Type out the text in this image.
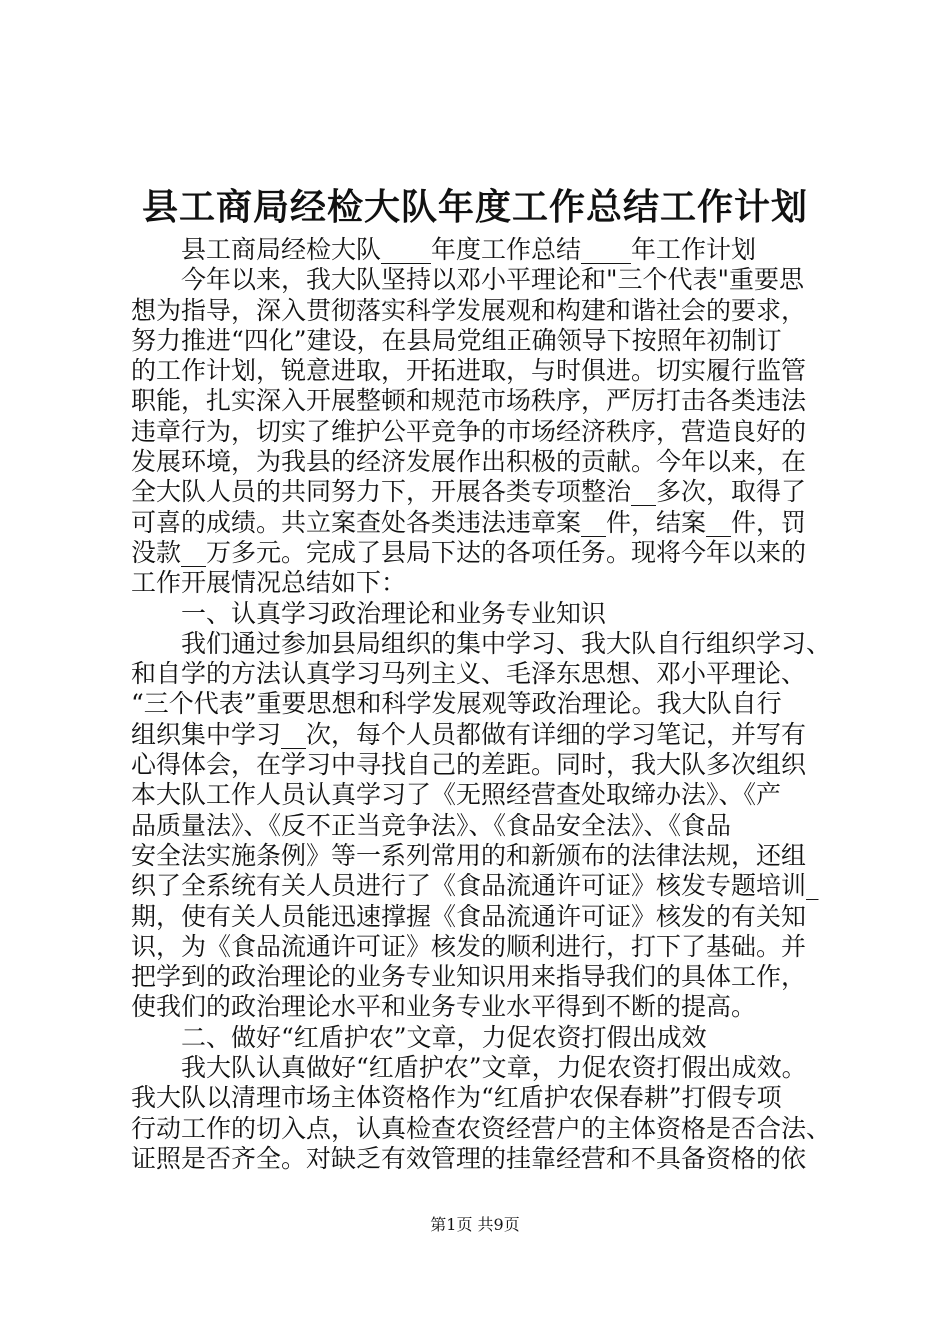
县工商局经检大队年度工作总结工作计划
县工商局经检大队____年度工作总结____年工作计划
今年以来，我大队坚持以邓小平理论和"三个代表"重要思
想为指导，深入贯彻落实科学发展观和构建和谐社会的要求，
努力推进“四化”建设，在县局党组正确领导下按照年初制订
的工作计划，锐意进取，开拓进取，与时俱进。切实履行监管
职能，扎实深入开展整顿和规范市场秩序，严厉打击各类违法
违章行为，切实了维护公平竞争的市场经济秩序，营造良好的
发展环境，为我县的经济发展作出积极的贡献。今年以来，在
全大队人员的共同努力下，开展各类专项整治__多次，取得了
可喜的成绩。共立案查处各类违法违章案__件，结案__件，罚
没款__万多元。完成了县局下达的各项任务。现将今年以来的
工作开展情况总结如下：
一、认真学习政治理论和业务专业知识
我们通过参加县局组织的集中学习、我大队自行组织学习、
和自学的方法认真学习马列主义、毛泽东思想、邓小平理论、
“三个代表”重要思想和科学发展观等政治理论。我大队自行
组织集中学习__次，每个人员都做有详细的学习笔记，并写有
心得体会，在学习中寻找自己的差距。同时，我大队多次组织
本大队工作人员认真学习了《无照经营查处取缔办法》、《产
品质量法》、《反不正当竞争法》、《食品安全法》、《食品
安全法实施条例》等一系列常用的和新颁布的法律法规，还组
织了全系统有关人员进行了《食品流通许可证》核发专题培训_
期，使有关人员能迅速撑握《食品流通许可证》核发的有关知
识，为《食品流通许可证》核发的顺利进行，打下了基础。并
把学到的政治理论的业务专业知识用来指导我们的具体工作，
使我们的政治理论水平和业务专业水平得到不断的提高。
二、做好“红盾护农”文章，力促农资打假出成效
我大队认真做好“红盾护农”文章，力促农资打假出成效。
我大队以清理市场主体资格作为“红盾护农保春耕”打假专项
行动工作的切入点，认真检查农资经营户的主体资格是否合法、
证照是否齐全。对缺乏有效管理的挂靠经营和不具备资格的依
第1页 共9页
